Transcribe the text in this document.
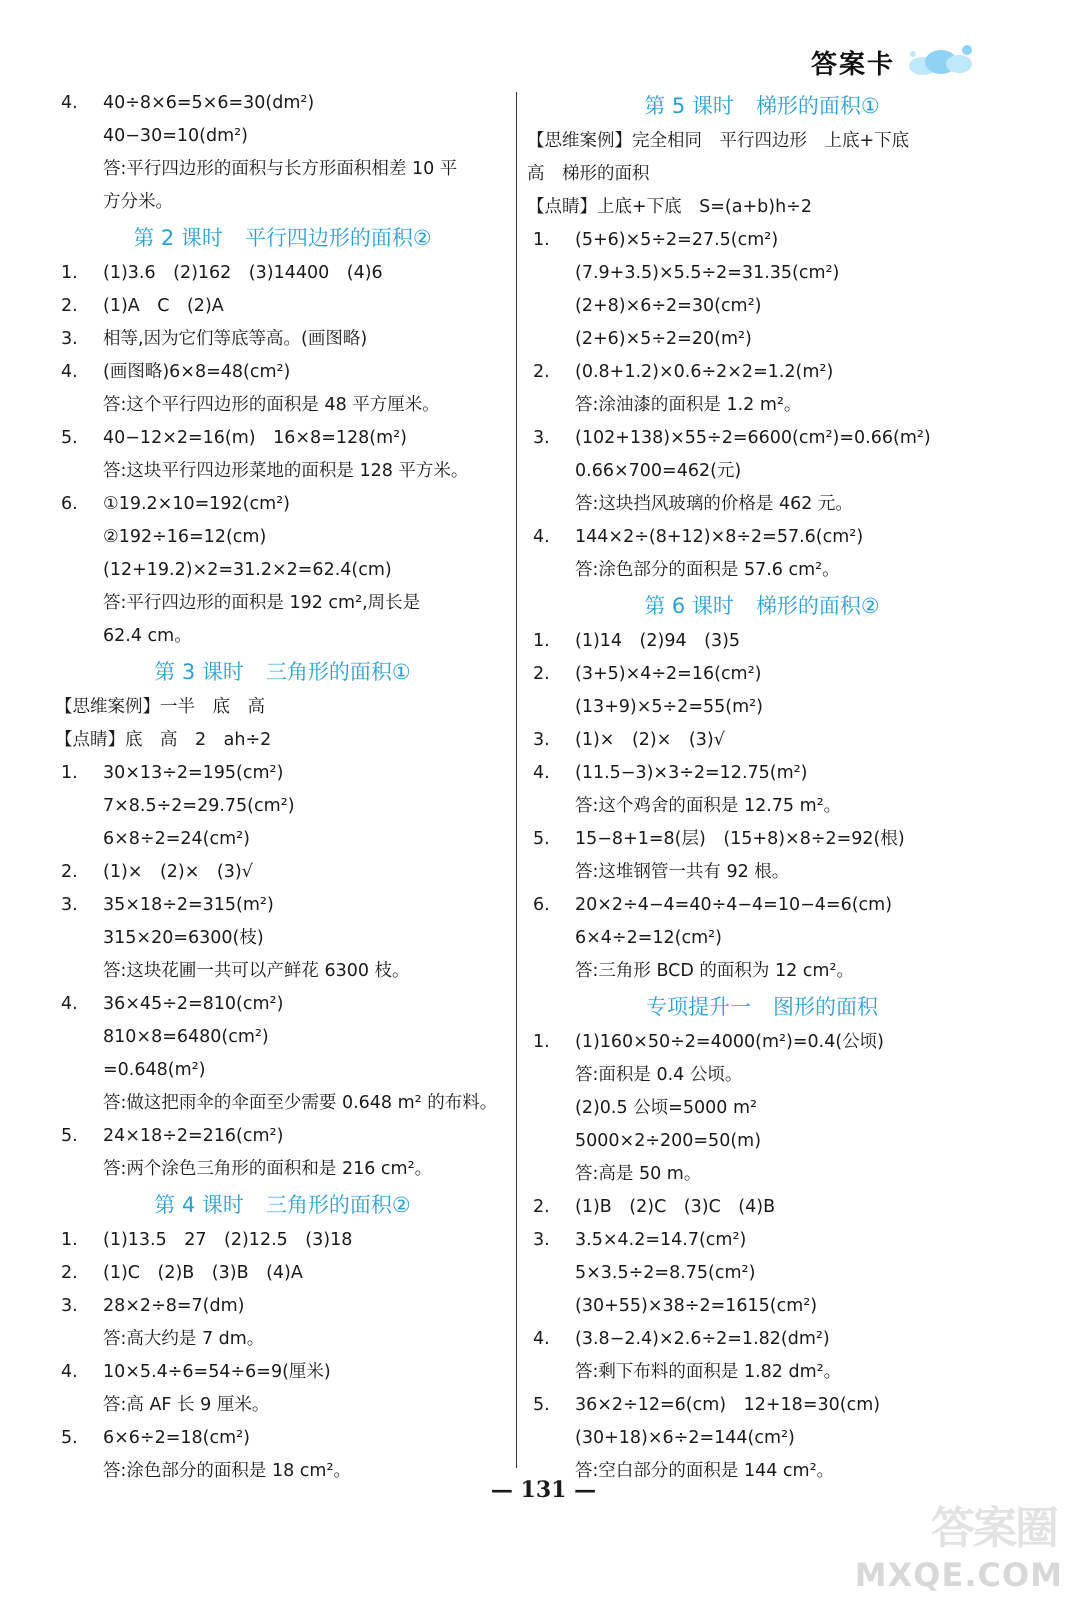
答案卡
4. 40÷8×6=5×6=30(dm²)
40−30=10(dm²)
答:平行四边形的面积与长方形面积相差 10 平
方分米。
第 2 课时 平行四边形的面积②
1. (1)3.6　(2)162　(3)14400　(4)6
2. (1)A　C　(2)A
3. 相等,因为它们等底等高。(画图略)
4. (画图略)6×8=48(cm²)
答:这个平行四边形的面积是 48 平方厘米。
5. 40−12×2=16(m)　16×8=128(m²)
答:这块平行四边形菜地的面积是 128 平方米。
6. ①19.2×10=192(cm²)
②192÷16=12(cm)
(12+19.2)×2=31.2×2=62.4(cm)
答:平行四边形的面积是 192 cm²,周长是
62.4 cm。
第 3 课时 三角形的面积①
【思维案例】一半　底　高
【点睛】底　高　2　ah÷2
1. 30×13÷2=195(cm²)
7×8.5÷2=29.75(cm²)
6×8÷2=24(cm²)
2. (1)×　(2)×　(3)√
3. 35×18÷2=315(m²)
315×20=6300(枝)
答:这块花圃一共可以产鲜花 6300 枝。
4. 36×45÷2=810(cm²)
810×8=6480(cm²)
=0.648(m²)
答:做这把雨伞的伞面至少需要 0.648 m² 的布料。
5. 24×18÷2=216(cm²)
答:两个涂色三角形的面积和是 216 cm²。
第 4 课时 三角形的面积②
1. (1)13.5　27　(2)12.5　(3)18
2. (1)C　(2)B　(3)B　(4)A
3. 28×2÷8=7(dm)
答:高大约是 7 dm。
4. 10×5.4÷6=54÷6=9(厘米)
答:高 AF 长 9 厘米。
5. 6×6÷2=18(cm²)
答:涂色部分的面积是 18 cm²。
第 5 课时 梯形的面积①
【思维案例】完全相同　平行四边形　上底+下底
高　梯形的面积
【点睛】上底+下底　S=(a+b)h÷2
1. (5+6)×5÷2=27.5(cm²)
(7.9+3.5)×5.5÷2=31.35(cm²)
(2+8)×6÷2=30(cm²)
(2+6)×5÷2=20(m²)
2. (0.8+1.2)×0.6÷2×2=1.2(m²)
答:涂油漆的面积是 1.2 m²。
3. (102+138)×55÷2=6600(cm²)=0.66(m²)
0.66×700=462(元)
答:这块挡风玻璃的价格是 462 元。
4. 144×2÷(8+12)×8÷2=57.6(cm²)
答:涂色部分的面积是 57.6 cm²。
第 6 课时 梯形的面积②
1. (1)14　(2)94　(3)5
2. (3+5)×4÷2=16(cm²)
(13+9)×5÷2=55(m²)
3. (1)×　(2)×　(3)√
4. (11.5−3)×3÷2=12.75(m²)
答:这个鸡舍的面积是 12.75 m²。
5. 15−8+1=8(层)　(15+8)×8÷2=92(根)
答:这堆钢管一共有 92 根。
6. 20×2÷4−4=40÷4−4=10−4=6(cm)
6×4÷2=12(cm²)
答:三角形 BCD 的面积为 12 cm²。
专项提升一 图形的面积
1. (1)160×50÷2=4000(m²)=0.4(公顷)
答:面积是 0.4 公顷。
(2)0.5 公顷=5000 m²
5000×2÷200=50(m)
答:高是 50 m。
2. (1)B　(2)C　(3)C　(4)B
3. 3.5×4.2=14.7(cm²)
5×3.5÷2=8.75(cm²)
(30+55)×38÷2=1615(cm²)
4. (3.8−2.4)×2.6÷2=1.82(dm²)
答:剩下布料的面积是 1.82 dm²。
5. 36×2÷12=6(cm)　12+18=30(cm)
(30+18)×6÷2=144(cm²)
答:空白部分的面积是 144 cm²。
— 131 —
答案圈
MXQE.COM
